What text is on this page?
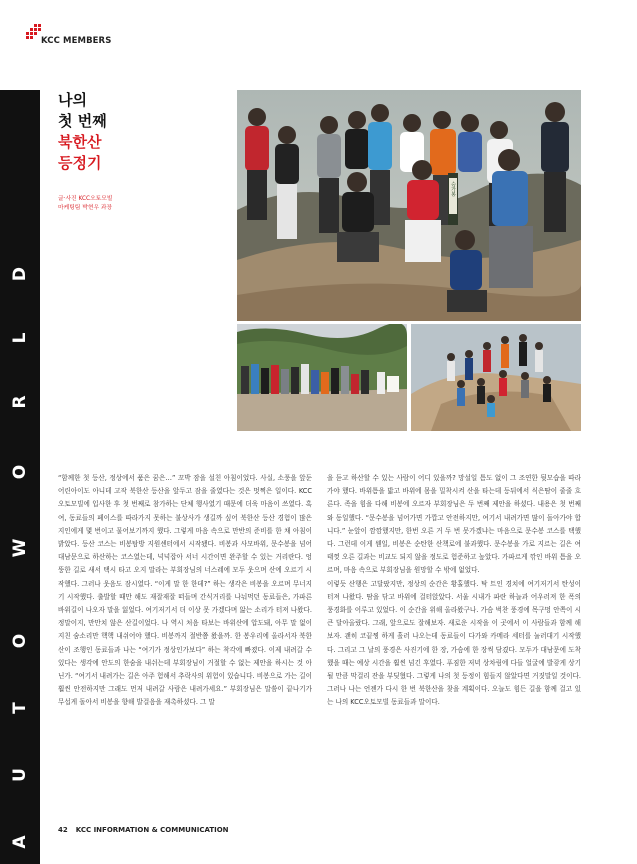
KCC MEMBERS
A
U
T
O
W
O
R
L
D
나의
첫 번째
북한산
등정기
글·사진 KCC오토모빌
마케팅팀 박현우 과장
승가봉

“함께한 첫 등산, 정상에서 품은 꿈은…” 꼬박 잠을 설친 아침이었다. 사실, 소풍을 앞둔 어린아이도 아니데 고작 북한산 등산을 앞두고 잠을 줄였다는 것은 멋쩍은 일이다. KCC오토모빌에 입사한 후 첫 번째로 참가하는 단체 행사였기 때문에 더욱 마음이 쓰였다. 혹여, 동료들의 페이스를 따라가지 못하는 불상사가 생길까 싶어 북한산 등산 경험이 많은 지인에게 몇 번이고 물어보기까지 했다. 그렇게 마음 속으로 만반의 준비를 한 채 아침이 밝았다. 등산 코스는 비봉탐방 지원센터에서 시작됐다. 비봉과 사모바위, 문수봉을 넘어 대남문으로 하산하는 코스였는데, 넉넉잡아 서너 시간이면 완주할 수 있는 거리란다. 엉뚱한 길로 새서 택시 타고 오지 말라는 부회장님의 너스레에 모두 웃으며 산에 오르기 시작했다. 그러나 웃음도 잠시였다. “이게 말 한 한데?” 하는 생각은 비봉을 오르며 무너지기 시작했다. 출발할 때만 해도 재잘재잘 떠들며 간식거리를 나눠먹던 동료들은, 가파른 바위길이 나오자 말을 잃었다. 여기저기서 더 이상 못 가겠다며 앓는 소리가 터져 나왔다. 정말이지, 만만치 않은 산길이었다. 나 역시 처음 타보는 바위산에 압도돼, 아무 말 없이 지친 숨소리만 핵핵 내쉬어야 했다. 비봉까지 절반쯤 왔을까. 한 봉우리에 올라서자 북한산이 조행인 동료들과 나는 “여기가 정상인가보다” 하는 착각에 빠졌다. 이제 내려갈 수 있다는 생각에 안도의 한숨을 내쉬는데 부회장님이 거절할 수 없는 제안을 하시는 것 아닌가. “여기서 내려가는 길은 아주 험해서 추락사의 위험이 있습니다. 비봉으로 가는 길이 훨씬 안전하지만 그래도 먼저 내려갈 사람은 내려가세요.” 부회장님은 말씀이 끝나기가 무섭게 돌아서 비봉을 향해 발걸음을 재촉하셨다. 그 말

을 듣고 하산할 수 있는 사람이 어디 있을까? 망설일 틈도 없이 그 조연한 뒷모습을 따라가야 했다. 바위틈을 밟고 바위에 몸을 밀착시켜 산을 타는데 등뒤에서 식은땀이 줄줄 흐른다. 족을 힘을 다해 비봉에 오르자 부회장님은 두 번째 제안을 하셨다. 내용은 첫 번째와 동일했다. “문수봉을 넘어가면 가깝고 안전하지만, 여기서 내려가면 많이 돌아가야 합니다.” 눈앞이 깜깜했지만, 한번 오른 거 두 번 못가겠냐는 마음으로 문수봉 코스를 택했다. 그런데 이게 웬일, 비봉은 순탄한 산책로에 불과했다. 문수봉을 가로 지르는 길은 여태껏 오른 길과는 비교도 되지 않을 정도로 험준하고 높았다. 가파르게 깎인 바위 틈을 오르며, 마음 속으로 부회장님을 원망할 수 밖에 없었다.

이렇듯 산행은 고달팠지만, 정상의 순간은 황홀했다. 탁 트인 경치에 여기저기서 탄성이 터져 나왔다. 땀을 닦고 바위에 걸터앉았다. 서울 시내가 파란 하늘과 어우러져 한 폭의 풍경화를 이루고 있었다. 이 순간을 위해 올라왔구나. 가슴 벅찬 풍경에 목구멍 안쪽이 시큰 달아올랐다. 그래, 앞으로도 잘해보자. 새로운 시작을 이 곳에서 이 사람들과 함께 해보자. 괜히 코끝찡 하게 흘러 나오는데 동료들이 다가와 카메라 세터를 눌러대기 시작했다. 그리고 그 날의 풍경은 사진기에 한 장, 가슴에 한 장씩 담겼다. 모두가 대남문에 도착했을 때는 예상 시간을 훨씬 넘긴 후였다. 푸짐한 저녁 상차림에 다들 얼굴에 발갛게 상기될 만큼 막걸리 잔을 부딪혔다. 그렇게 나의 첫 등정이 힘들지 않았다면 거짓말일 것이다. 그러나 나는 언젠가 다시 한 번 북한산을 찾을 계획이다. 오늘도 힘든 길을 함께 걸고 있는 나의 KCC오토모빌 동료들과 말이다.

42 KCC INFORMATION & COMMUNICATION
